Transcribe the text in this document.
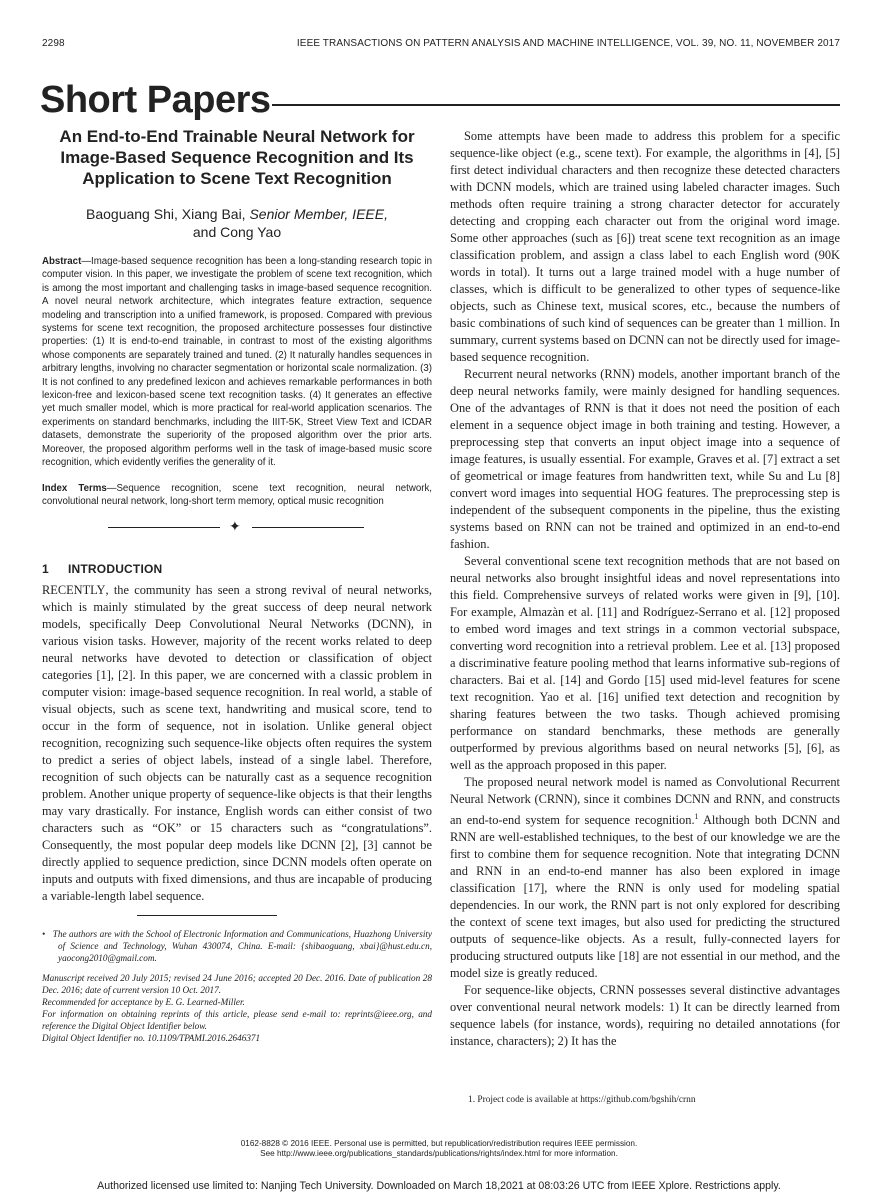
2298	IEEE TRANSACTIONS ON PATTERN ANALYSIS AND MACHINE INTELLIGENCE, VOL. 39, NO. 11, NOVEMBER 2017
Short Papers
An End-to-End Trainable Neural Network for Image-Based Sequence Recognition and Its Application to Scene Text Recognition
Baoguang Shi, Xiang Bai, Senior Member, IEEE,
and Cong Yao

Abstract—Image-based sequence recognition has been a long-standing research topic in computer vision. In this paper, we investigate the problem of scene text recognition, which is among the most important and challenging tasks in image-based sequence recognition. A novel neural network architecture, which integrates feature extraction, sequence modeling and transcription into a unified framework, is proposed. Compared with previous systems for scene text recognition, the proposed architecture possesses four distinctive properties: (1) It is end-to-end trainable, in contrast to most of the existing algorithms whose components are separately trained and tuned. (2) It naturally handles sequences in arbitrary lengths, involving no character segmentation or horizontal scale normalization. (3) It is not confined to any predefined lexicon and achieves remarkable performances in both lexicon-free and lexicon-based scene text recognition tasks. (4) It generates an effective yet much smaller model, which is more practical for real-world application scenarios. The experiments on standard benchmarks, including the IIIT-5K, Street View Text and ICDAR datasets, demonstrate the superiority of the proposed algorithm over the prior arts. Moreover, the proposed algorithm performs well in the task of image-based music score recognition, which evidently verifies the generality of it.

Index Terms—Sequence recognition, scene text recognition, neural network, convolutional neural network, long-short term memory, optical music recognition

✦
1 INTRODUCTION

RECENTLY, the community has seen a strong revival of neural networks, which is mainly stimulated by the great success of deep neural network models, specifically Deep Convolutional Neural Networks (DCNN), in various vision tasks. However, majority of the recent works related to deep neural networks have devoted to detection or classification of object categories [1], [2]. In this paper, we are concerned with a classic problem in computer vision: image-based sequence recognition. In real world, a stable of visual objects, such as scene text, handwriting and musical score, tend to occur in the form of sequence, not in isolation. Unlike general object recognition, recognizing such sequence-like objects often requires the system to predict a series of object labels, instead of a single label. Therefore, recognition of such objects can be naturally cast as a sequence recognition problem. Another unique property of sequence-like objects is that their lengths may vary drastically. For instance, English words can either consist of two characters such as “OK” or 15 characters such as “congratulations”. Consequently, the most popular deep models like DCNN [2], [3] cannot be directly applied to sequence prediction, since DCNN models often operate on inputs and outputs with fixed dimensions, and thus are incapable of producing a variable-length label sequence.

•   The authors are with the School of Electronic Information and Communications, Huazhong University of Science and Technology, Wuhan 430074, China. E-mail: {shibaoguang, xbai}@hust.edu.cn, yaocong2010@gmail.com.

Manuscript received 20 July 2015; revised 24 June 2016; accepted 20 Dec. 2016. Date of publication 28 Dec. 2016; date of current version 10 Oct. 2017.
Recommended for acceptance by E. G. Learned-Miller.
For information on obtaining reprints of this article, please send e-mail to: reprints@ieee.org, and reference the Digital Object Identifier below.
Digital Object Identifier no. 10.1109/TPAMI.2016.2646371

Some attempts have been made to address this problem for a specific sequence-like object (e.g., scene text). For example, the algorithms in [4], [5] first detect individual characters and then recognize these detected characters with DCNN models, which are trained using labeled character images. Such methods often require training a strong character detector for accurately detecting and cropping each character out from the original word image. Some other approaches (such as [6]) treat scene text recognition as an image classification problem, and assign a class label to each English word (90K words in total). It turns out a large trained model with a huge number of classes, which is difficult to be generalized to other types of sequence-like objects, such as Chinese text, musical scores, etc., because the numbers of basic combinations of such kind of sequences can be greater than 1 million. In summary, current systems based on DCNN can not be directly used for image-based sequence recognition.

Recurrent neural networks (RNN) models, another important branch of the deep neural networks family, were mainly designed for handling sequences. One of the advantages of RNN is that it does not need the position of each element in a sequence object image in both training and testing. However, a preprocessing step that converts an input object image into a sequence of image features, is usually essential. For example, Graves et al. [7] extract a set of geometrical or image features from handwritten text, while Su and Lu [8] convert word images into sequential HOG features. The preprocessing step is independent of the subsequent components in the pipeline, thus the existing systems based on RNN can not be trained and optimized in an end-to-end fashion.

Several conventional scene text recognition methods that are not based on neural networks also brought insightful ideas and novel representations into this field. Comprehensive surveys of related works were given in [9], [10]. For example, Almazàn et al. [11] and Rodríguez-Serrano et al. [12] proposed to embed word images and text strings in a common vectorial subspace, converting word recognition into a retrieval problem. Lee et al. [13] proposed a discriminative feature pooling method that learns informative sub-regions of characters. Bai et al. [14] and Gordo [15] used mid-level features for scene text recognition. Yao et al. [16] unified text detection and recognition by sharing features between the two tasks. Though achieved promising performance on standard benchmarks, these methods are generally outperformed by previous algorithms based on neural networks [5], [6], as well as the approach proposed in this paper.

The proposed neural network model is named as Convolutional Recurrent Neural Network (CRNN), since it combines DCNN and RNN, and constructs an end-to-end system for sequence recognition.$^1$ Although both DCNN and RNN are well-established techniques, to the best of our knowledge we are the first to combine them for sequence recognition. Note that integrating DCNN and RNN in an end-to-end manner has also been explored in image classification [17], where the RNN is only used for modeling spatial dependencies. In our work, the RNN part is not only explored for describing the context of scene text images, but also used for predicting the structured outputs of sequence-like objects. As a result, fully-connected layers for producing structured outputs like [18] are not essential in our method, and the model size is greatly reduced.

For sequence-like objects, CRNN possesses several distinctive advantages over conventional neural network models: 1) It can be directly learned from sequence labels (for instance, words), requiring no detailed annotations (for instance, characters); 2) It has the

1. Project code is available at https://github.com/bgshih/crnn
0162-8828 © 2016 IEEE. Personal use is permitted, but republication/redistribution requires IEEE permission.
See http://www.ieee.org/publications_standards/publications/rights/index.html for more information.
Authorized licensed use limited to: Nanjing Tech University. Downloaded on March 18,2021 at 08:03:26 UTC from IEEE Xplore. Restrictions apply.
